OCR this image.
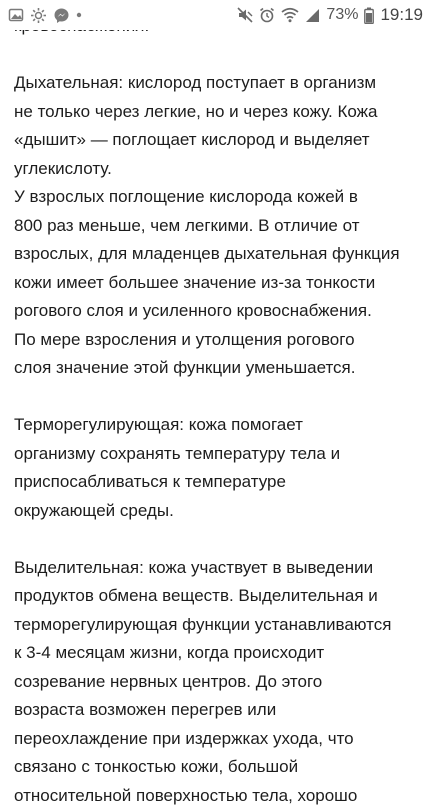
73% 19:19

Дыхательная: кислород поступает в организм

не только через легкие, но и через кожу. Кожа

«дышит» — поглощает кислород и выделяет

углекислоту.

У взрослых поглощение кислорода кожей в

800 раз меньше, чем легкими. В отличие от

взрослых, для младенцев дыхательная функция

кожи имеет большее значение из-за тонкости

рогового слоя и усиленного кровоснабжения.

По мере взросления и утолщения рогового

слоя значение этой функции уменьшается.

Терморегулирующая: кожа помогает

организму сохранять температуру тела и

приспосабливаться к температуре

окружающей среды.

Выделительная: кожа участвует в выведении

продуктов обмена веществ. Выделительная и

терморегулирующая функции устанавливаются

к 3-4 месяцам жизни, когда происходит

созревание нервных центров. До этого

возраста возможен перегрев или

переохлаждение при издержках ухода, что

связано с тонкостью кожи, большой

относительной поверхностью тела, хорошо
